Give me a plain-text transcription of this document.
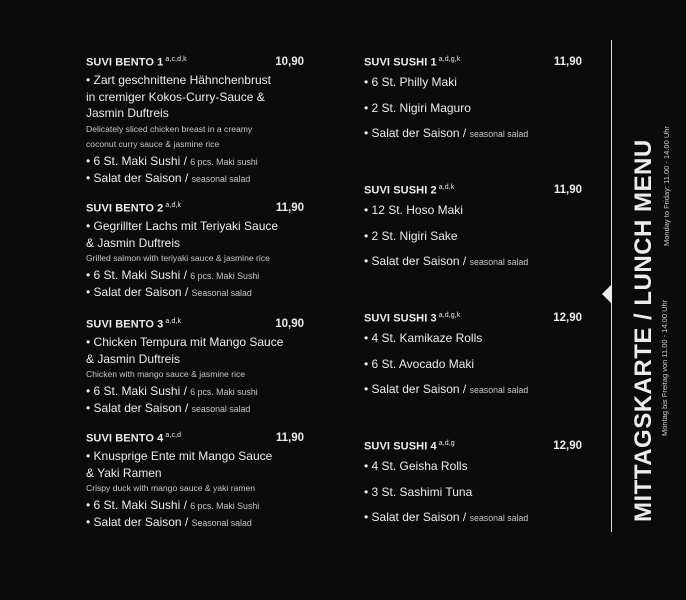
SUVI BENTO 1 $^{a,c,d,k}$	10,90
• Zart geschnittene Hähnchenbrust
in cremiger Kokos-Curry-Sauce &
Jasmin Duftreis
Delicately sliced chicken breast in a creamy
coconut curry sauce & jasmine rice
• 6 St. Maki Sushi / 6 pcs. Maki sushi
• Salat der Saison / seasonal salad
SUVI BENTO 2 $^{a,d,k}$	11,90
• Gegrillter Lachs mit Teriyaki Sauce
& Jasmin Duftreis
Grilled salmon with teriyaki sauce & jasmine rice
• 6 St. Maki Sushi / 6 pcs. Maki Sushi
• Salat der Saison / Seasonal salad
SUVI BENTO 3 $^{a,d,k}$	10,90
• Chicken Tempura mit Mango Sauce
& Jasmin Duftreis
Chicken with mango sauce & jasmine rice
• 6 St. Maki Sushi / 6 pcs. Maki sushi
• Salat der Saison / seasonal salad
SUVI BENTO 4 $^{a,c,d}$	11,90
• Knusprige Ente mit Mango Sauce
& Yaki Ramen
Crispy duck with mango sauce & yaki ramen
• 6 St. Maki Sushi / 6 pcs. Maki Sushi
• Salat der Saison / Seasonal salad
SUVI SUSHI 1 $^{a,d,g,k}$	11,90
• 6 St. Philly Maki
• 2 St. Nigiri Maguro
• Salat der Saison / seasonal salad
SUVI SUSHI 2 $^{a,d,k}$	11,90
• 12 St. Hoso Maki
• 2 St. Nigiri Sake
• Salat der Saison / seasonal salad
SUVI SUSHI 3 $^{a,d,g,k}$	12,90
• 4 St. Kamikaze Rolls
• 6 St. Avocado Maki
• Salat der Saison / seasonal salad
SUVI SUSHI 4 $^{a,d,g}$	12,90
• 4 St. Geisha Rolls
• 3 St. Sashimi Tuna
• Salat der Saison / seasonal salad	MITTAGSKARTE / LUNCH MENU Montag bis Freitag von 11.00 - 14.00 Uhr
Monday to Friday: 11.00 - 14.00 Uhr
